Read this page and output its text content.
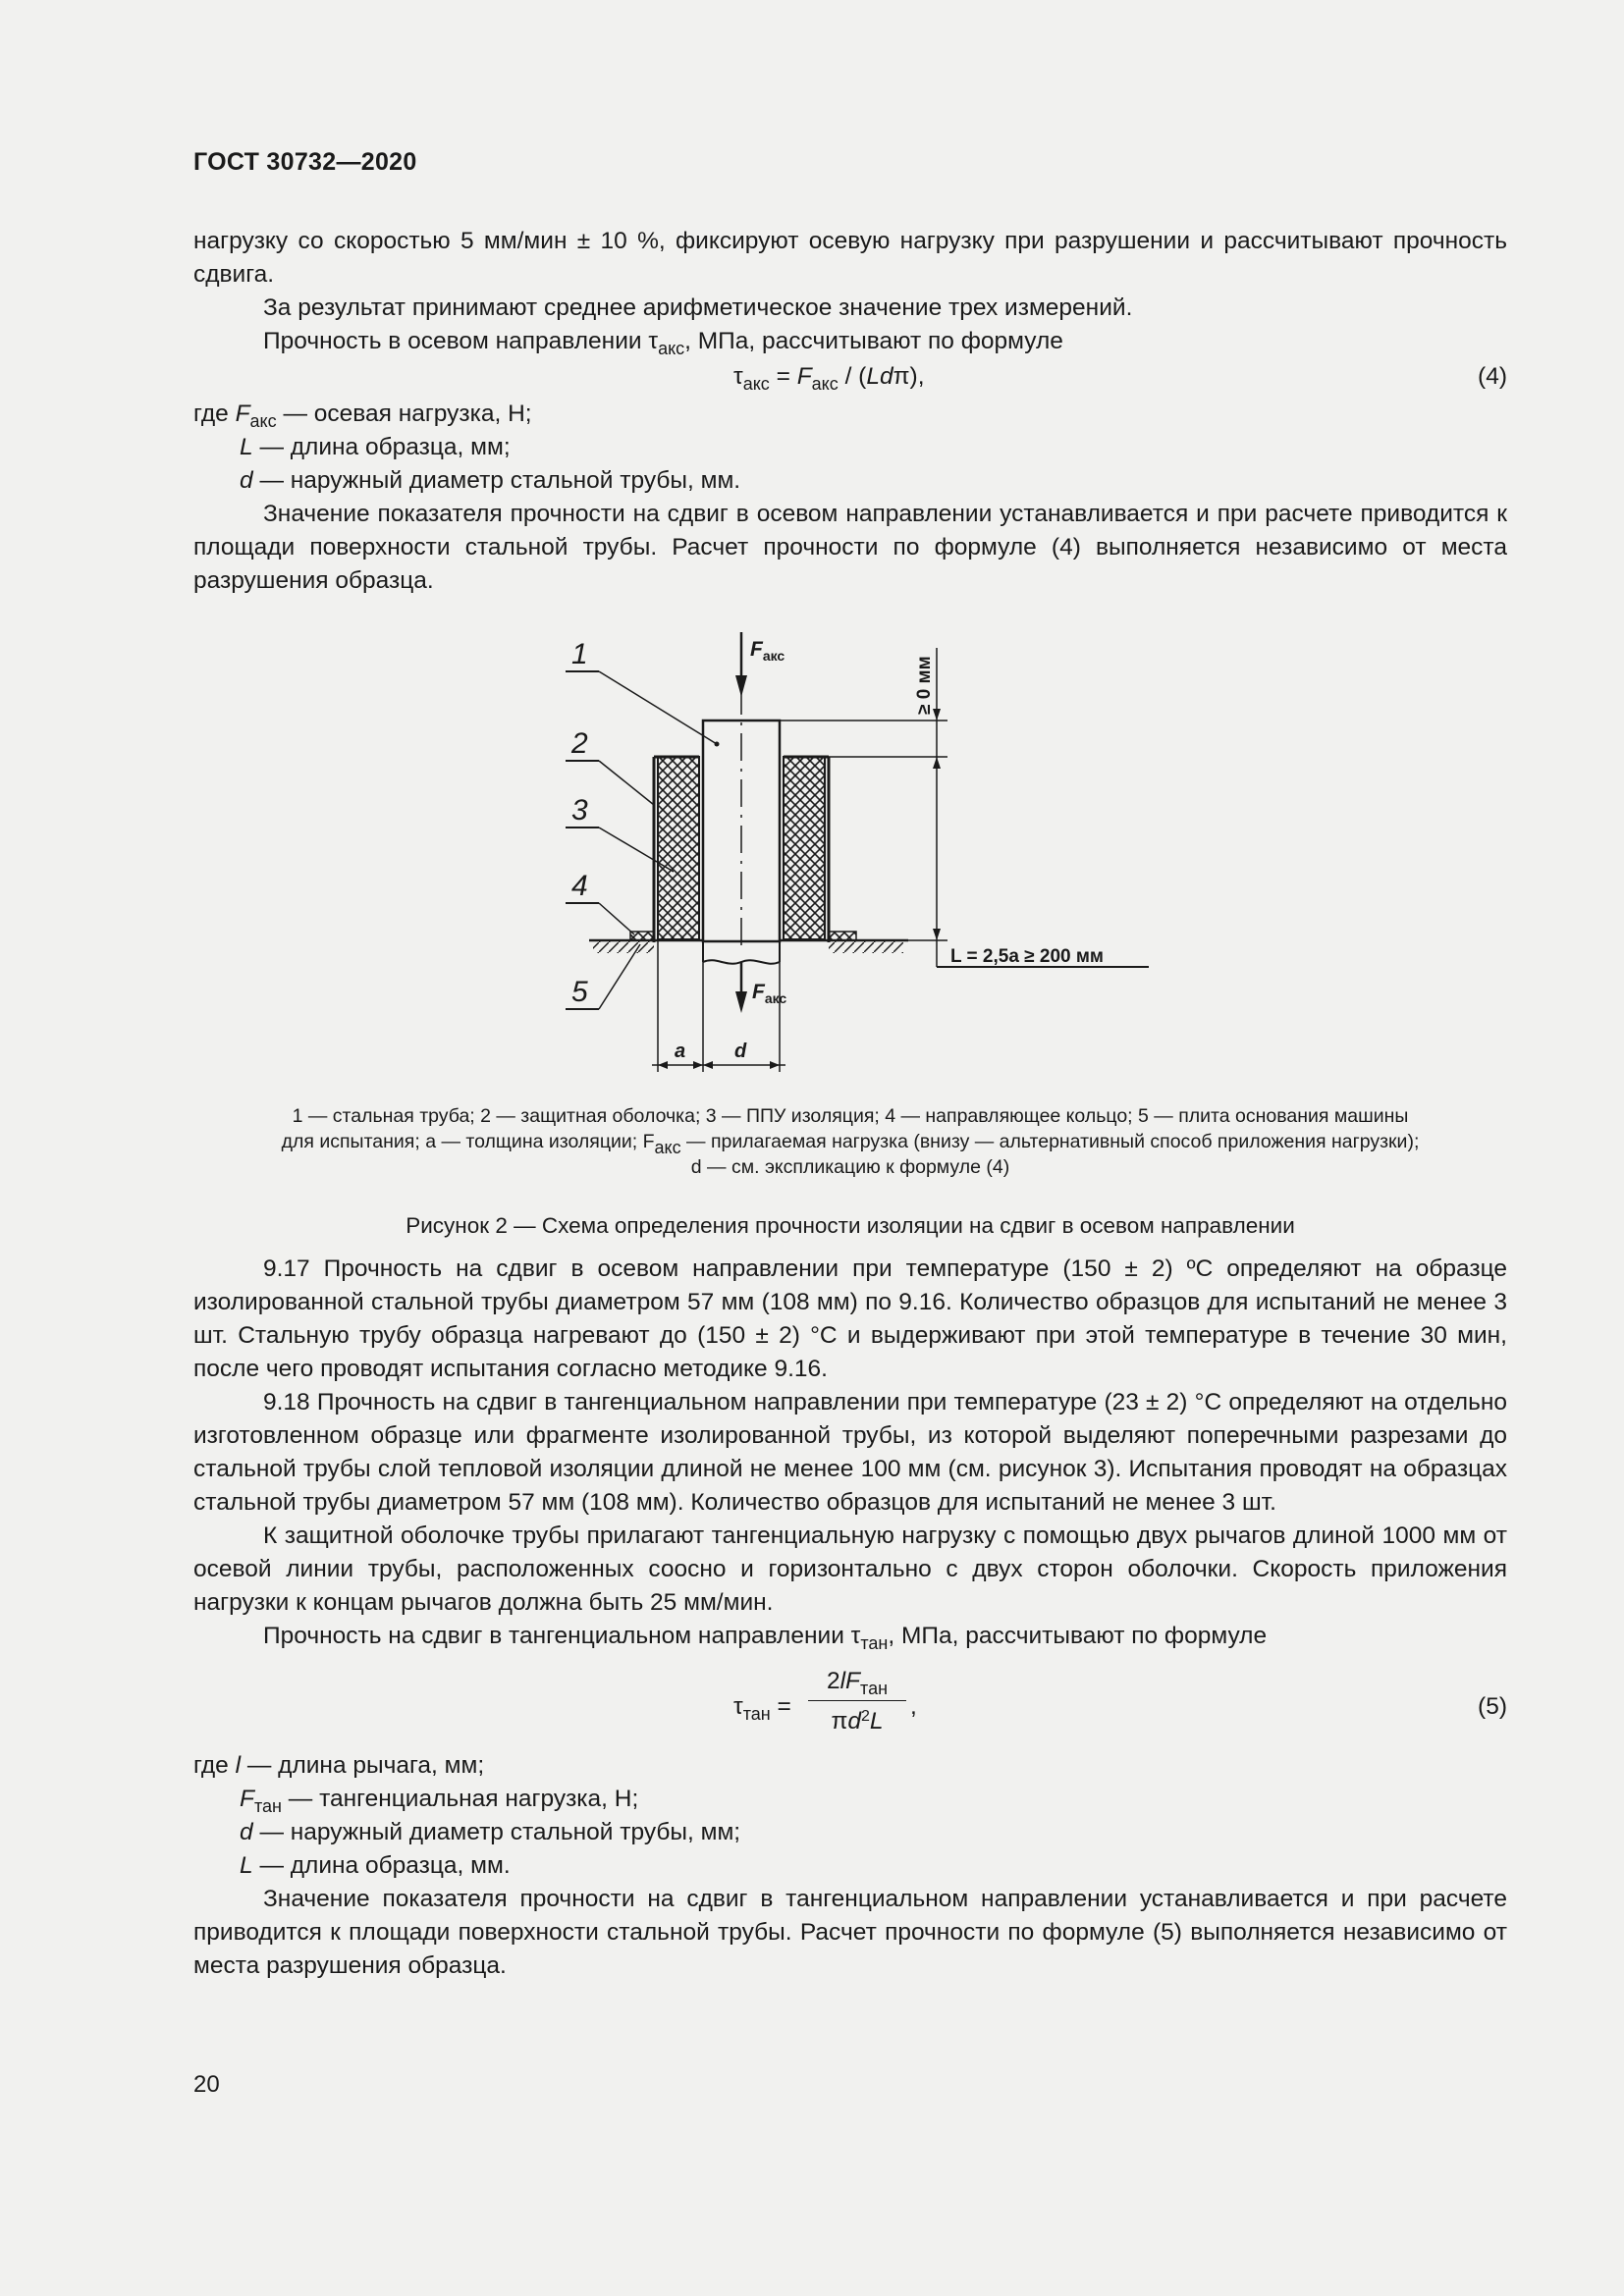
ГОСТ 30732—2020

нагрузку со скоростью 5 мм/мин ± 10 %, фиксируют осевую нагрузку при разрушении и рассчитывают прочность сдвига.

За результат принимают среднее арифметическое значение трех измерений.

Прочность в осевом направлении $\tau_{акс}$, МПа, рассчитывают по формуле

$\tau_{акс} = F_{акс} / (Ld\pi)$,	(4)

где $F_{акс}$ — осевая нагрузка, Н;

L — длина образца, мм;

d — наружный диаметр стальной трубы, мм.

Значение показателя прочности на сдвиг в осевом направлении устанавливается и при расчете приводится к площади поверхности стальной трубы. Расчет прочности по формуле (4) выполняется независимо от места разрушения образца.

$F_{акс}$
$F_{акс}$
≥ 0 мм
L = 2,5a ≥ 200 мм
a d
1
2
3
4
5
1 — стальная труба; 2 — защитная оболочка; 3 — ППУ изоляция; 4 — направляющее кольцо; 5 — плита основания машины
для испытания; a — толщина изоляции; $F_{акс}$ — прилагаемая нагрузка (внизу — альтернативный способ приложения нагрузки);
d — см. экспликацию к формуле (4)
Рисунок 2 — Схема определения прочности изоляции на сдвиг в осевом направлении

9.17 Прочность на сдвиг в осевом направлении при температуре (150 ± 2) ºС определяют на образце изолированной стальной трубы диаметром 57 мм (108 мм) по 9.16. Количество образцов для испытаний не менее 3 шт. Стальную трубу образца нагревают до (150 ± 2) °С и выдерживают при этой температуре в течение 30 мин, после чего проводят испытания согласно методике 9.16.

9.18 Прочность на сдвиг в тангенциальном направлении при температуре (23 ± 2) °С определяют на отдельно изготовленном образце или фрагменте изолированной трубы, из которой выделяют поперечными разрезами до стальной трубы слой тепловой изоляции длиной не менее 100 мм (см. рисунок 3). Испытания проводят на образцах стальной трубы диаметром 57 мм (108 мм). Количество образцов для испытаний не менее 3 шт.

К защитной оболочке трубы прилагают тангенциальную нагрузку с помощью двух рычагов длиной 1000 мм от осевой линии трубы, расположенных соосно и горизонтально с двух сторон оболочки. Скорость приложения нагрузки к концам рычагов должна быть 25 мм/мин.

Прочность на сдвиг в тангенциальном направлении $\tau_{тан}$, МПа, рассчитывают по формуле

$\tau_{тан}$ =
$2lF_{тан}$
$\pi d^2L$
,	(5)

где l — длина рычага, мм;

$F_{тан}$ — тангенциальная нагрузка, Н;

d — наружный диаметр стальной трубы, мм;

L — длина образца, мм.

Значение показателя прочности на сдвиг в тангенциальном направлении устанавливается и при расчете приводится к площади поверхности стальной трубы. Расчет прочности по формуле (5) выполняется независимо от места разрушения образца.

20
